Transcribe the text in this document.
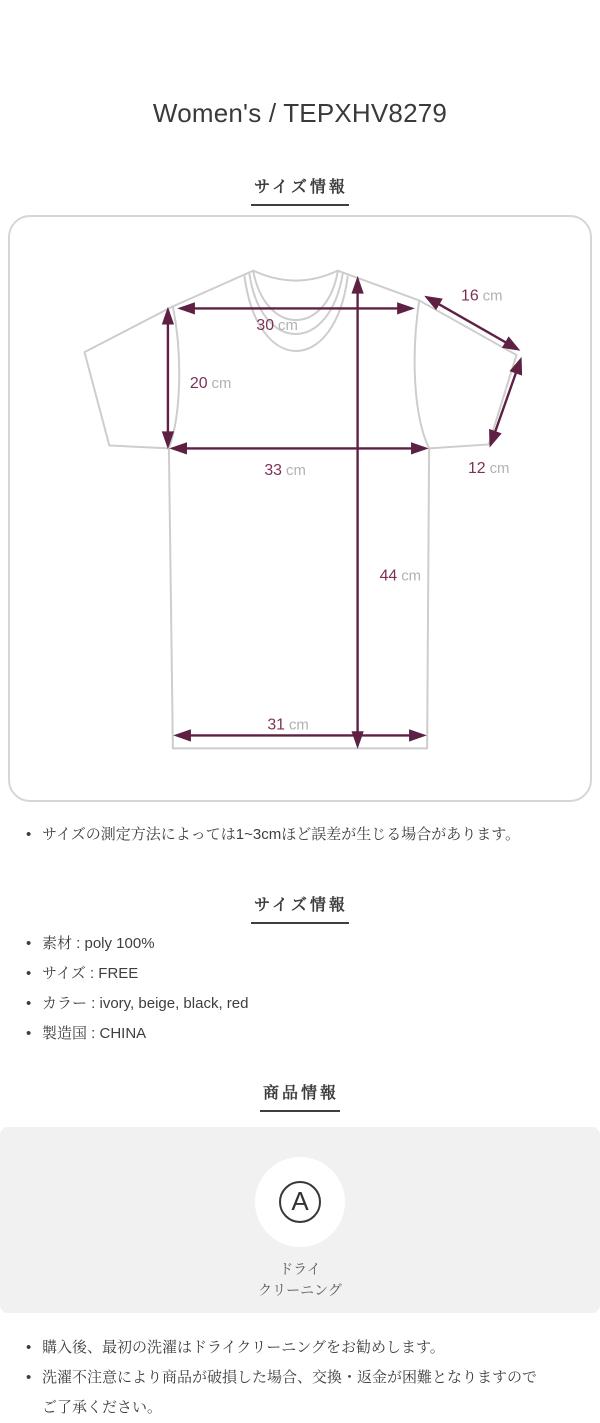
Women's / TEPXHV8279
サイズ情報
30 cm
16 cm
20 cm
33 cm	12 cm
44 cm
31 cm
• サイズの測定方法によっては1~3cmほど誤差が生じる場合があります。
サイズ情報
• 素材 : poly 100%
• サイズ : FREE
• カラー : ivory, beige, black, red
• 製造国 : CHINA
商品情報
A
ドライ
クリーニング
• 購入後、最初の洗濯はドライクリーニングをお勧めします。
• 洗濯不注意により商品が破損した場合、交換・返金が困難となりますのでご了承ください。
